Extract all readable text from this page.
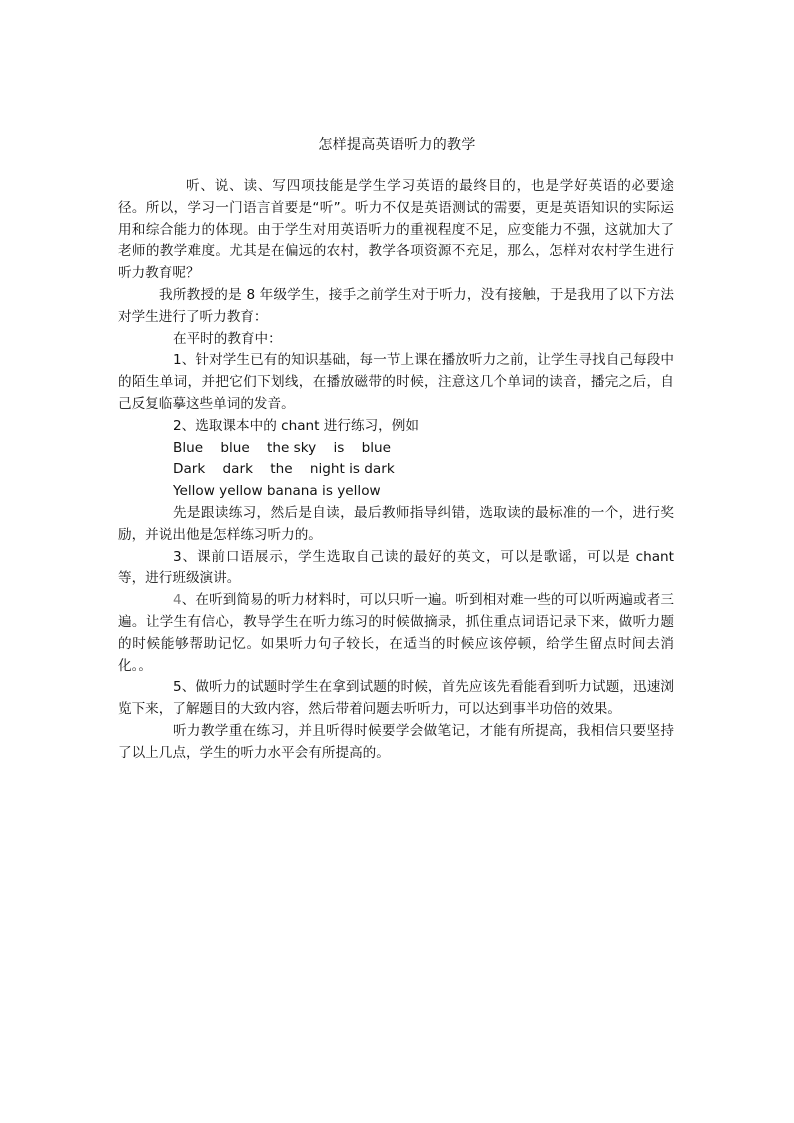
怎样提高英语听力的教学

听、说、读、写四项技能是学生学习英语的最终目的，也是学好英语的必要途径。所以，学习一门语言首要是“听”。听力不仅是英语测试的需要，更是英语知识的实际运用和综合能力的体现。由于学生对用英语听力的重视程度不足，应变能力不强，这就加大了老师的教学难度。尤其是在偏远的农村，教学各项资源不充足，那么，怎样对农村学生进行听力教育呢？

我所教授的是 8 年级学生，接手之前学生对于听力，没有接触，于是我用了以下方法对学生进行了听力教育：

在平时的教育中：

1、针对学生已有的知识基础，每一节上课在播放听力之前，让学生寻找自己每段中的陌生单词，并把它们下划线，在播放磁带的时候，注意这几个单词的读音，播完之后，自己反复临摹这些单词的发音。

2、选取课本中的 chant 进行练习，例如

Blue    blue    the sky    is    blue

Dark    dark    the    night is dark

Yellow yellow banana is yellow

先是跟读练习，然后是自读，最后教师指导纠错，选取读的最标准的一个，进行奖励，并说出他是怎样练习听力的。

3、课前口语展示，学生选取自己读的最好的英文，可以是歌谣，可以是 chant 等，进行班级演讲。

4、在听到简易的听力材料时，可以只听一遍。听到相对难一些的可以听两遍或者三遍。让学生有信心，教导学生在听力练习的时候做摘录，抓住重点词语记录下来，做听力题的时候能够帮助记忆。如果听力句子较长，在适当的时候应该停顿，给学生留点时间去消化。。

5、做听力的试题时学生在拿到试题的时候，首先应该先看能看到听力试题，迅速浏览下来，了解题目的大致内容，然后带着问题去听听力，可以达到事半功倍的效果。

听力教学重在练习，并且听得时候要学会做笔记，才能有所提高，我相信只要坚持了以上几点，学生的听力水平会有所提高的。
